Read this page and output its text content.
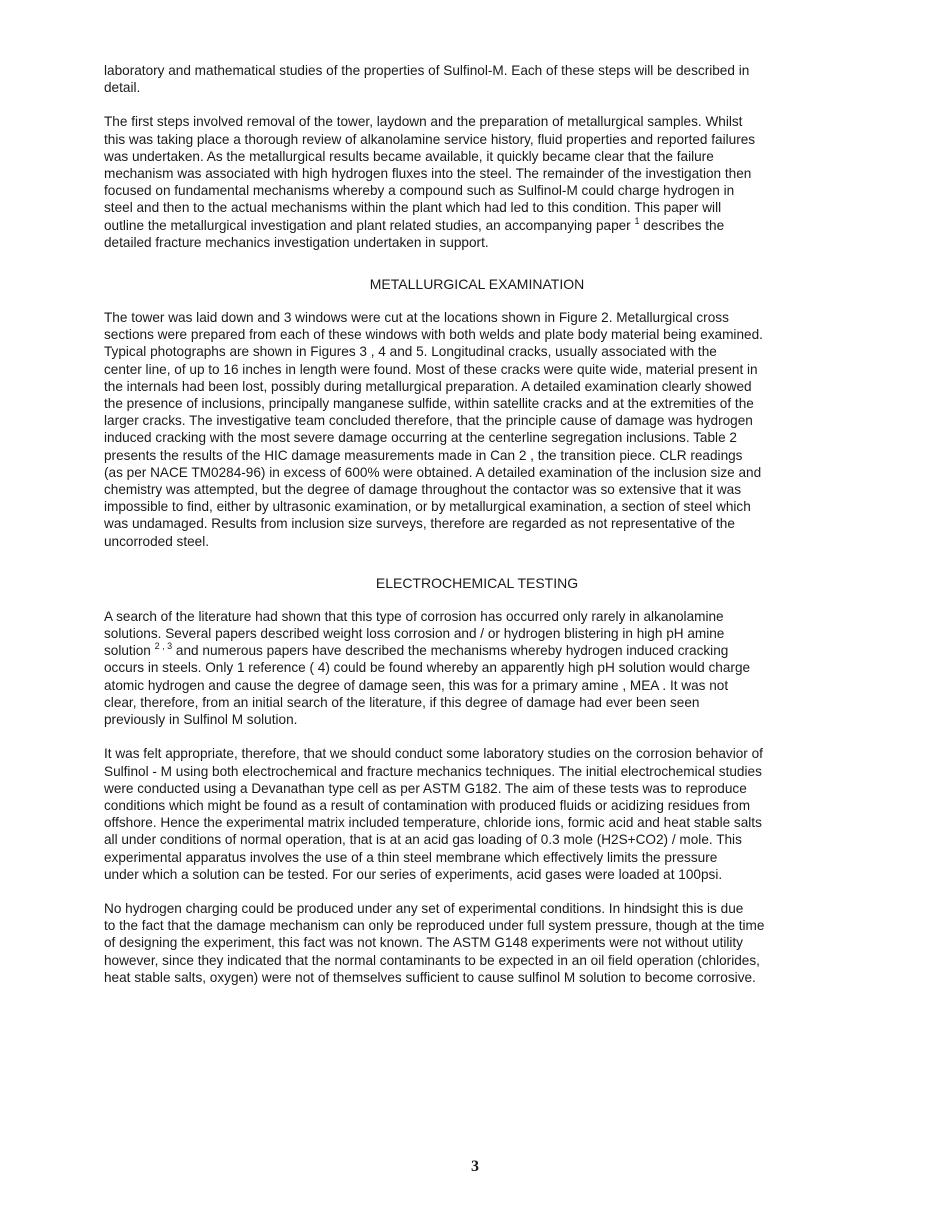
laboratory and mathematical studies of the properties of Sulfinol-M. Each of these steps will be described in
detail.

The first steps involved removal of the tower, laydown and the preparation of metallurgical samples. Whilst
this was taking place a thorough review of alkanolamine service history, fluid properties and reported failures
was undertaken. As the metallurgical results became available, it quickly became clear that the failure
mechanism was associated with high hydrogen fluxes into the steel. The remainder of the investigation then
focused on fundamental mechanisms whereby a compound such as Sulfinol-M could charge hydrogen in
steel and then to the actual mechanisms within the plant which had led to this condition. This paper will
outline the metallurgical investigation and plant related studies, an accompanying paper $^1$ describes the
detailed fracture mechanics investigation undertaken in support.

METALLURGICAL EXAMINATION

The tower was laid down and 3 windows were cut at the locations shown in Figure 2. Metallurgical cross
sections were prepared from each of these windows with both welds and plate body material being examined.
Typical photographs are shown in Figures 3 , 4 and 5. Longitudinal cracks, usually associated with the
center line, of up to 16 inches in length were found. Most of these cracks were quite wide, material present in
the internals had been lost, possibly during metallurgical preparation. A detailed examination clearly showed
the presence of inclusions, principally manganese sulfide, within satellite cracks and at the extremities of the
larger cracks. The investigative team concluded therefore, that the principle cause of damage was hydrogen
induced cracking with the most severe damage occurring at the centerline segregation inclusions. Table 2
presents the results of the HIC damage measurements made in Can 2 , the transition piece. CLR readings
(as per NACE TM0284-96) in excess of 600% were obtained. A detailed examination of the inclusion size and
chemistry was attempted, but the degree of damage throughout the contactor was so extensive that it was
impossible to find, either by ultrasonic examination, or by metallurgical examination, a section of steel which
was undamaged. Results from inclusion size surveys, therefore are regarded as not representative of the
uncorroded steel.

ELECTROCHEMICAL TESTING

A search of the literature had shown that this type of corrosion has occurred only rarely in alkanolamine
solutions. Several papers described weight loss corrosion and / or hydrogen blistering in high pH amine
solution $^{2 , 3}$ and numerous papers have described the mechanisms whereby hydrogen induced cracking
occurs in steels. Only 1 reference ( 4) could be found whereby an apparently high pH solution would charge
atomic hydrogen and cause the degree of damage seen, this was for a primary amine , MEA . It was not
clear, therefore, from an initial search of the literature, if this degree of damage had ever been seen
previously in Sulfinol M solution.

It was felt appropriate, therefore, that we should conduct some laboratory studies on the corrosion behavior of
Sulfinol - M using both electrochemical and fracture mechanics techniques. The initial electrochemical studies
were conducted using a Devanathan type cell as per ASTM G182. The aim of these tests was to reproduce
conditions which might be found as a result of contamination with produced fluids or acidizing residues from
offshore. Hence the experimental matrix included temperature, chloride ions, formic acid and heat stable salts
all under conditions of normal operation, that is at an acid gas loading of 0.3 mole (H2S+CO2) / mole. This
experimental apparatus involves the use of a thin steel membrane which effectively limits the pressure
under which a solution can be tested. For our series of experiments, acid gases were loaded at 100psi.

No hydrogen charging could be produced under any set of experimental conditions. In hindsight this is due
to the fact that the damage mechanism can only be reproduced under full system pressure, though at the time
of designing the experiment, this fact was not known. The ASTM G148 experiments were not without utility
however, since they indicated that the normal contaminants to be expected in an oil field operation (chlorides,
heat stable salts, oxygen) were not of themselves sufficient to cause sulfinol M solution to become corrosive.

3
